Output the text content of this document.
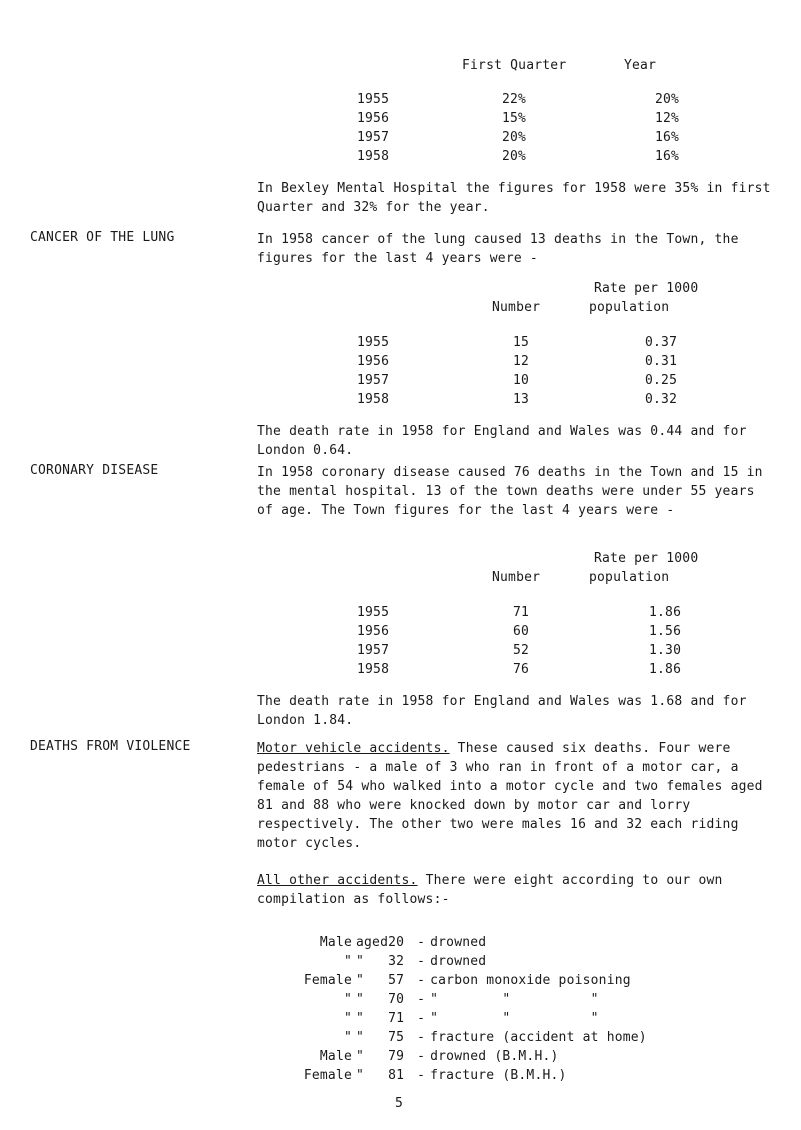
First Quarter	Year
1955	22%	20%
1956	15%	12%
1957	20%	16%
1958	20%	16%
In Bexley Mental Hospital the figures for 1958 were 35% in first Quarter and 32% for the year.
CANCER OF THE LUNG	In 1958 cancer of the lung caused 13 deaths in the Town, the figures for the last 4 years were -
Rate per 1000
Number	population
1955	15	0.37
1956	12	0.31
1957	10	0.25
1958	13	0.32
The death rate in 1958 for England and Wales was 0.44 and for London 0.64.
CORONARY DISEASE	In 1958 coronary disease caused 76 deaths in the Town and 15 in the mental hospital. 13 of the town deaths were under 55 years of age. The Town figures for the last 4 years were -
Rate per 1000
Number	population
1955	71	1.86
1956	60	1.56
1957	52	1.30
1958	76	1.86
The death rate in 1958 for England and Wales was 1.68 and for London 1.84.
DEATHS FROM VIOLENCE	Motor vehicle accidents. These caused six deaths. Four were pedestrians - a male of 3 who ran in front of a motor car, a female of 54 who walked into a motor cycle and two females aged 81 and 88 who were knocked down by motor car and lorry respectively. The other two were males 16 and 32 each riding motor cycles.
All other accidents. There were eight according to our own compilation as follows:-
Male	aged	20	-	drowned
"	"	32	-	drowned
Female	"	57	-	carbon monoxide poisoning
"	"	70	-	"        "          "
"	"	71	-	"        "          "
"	"	75	-	fracture (accident at home)
Male	"	79	-	drowned (B.M.H.)
Female	"	81	-	fracture (B.M.H.)
5
